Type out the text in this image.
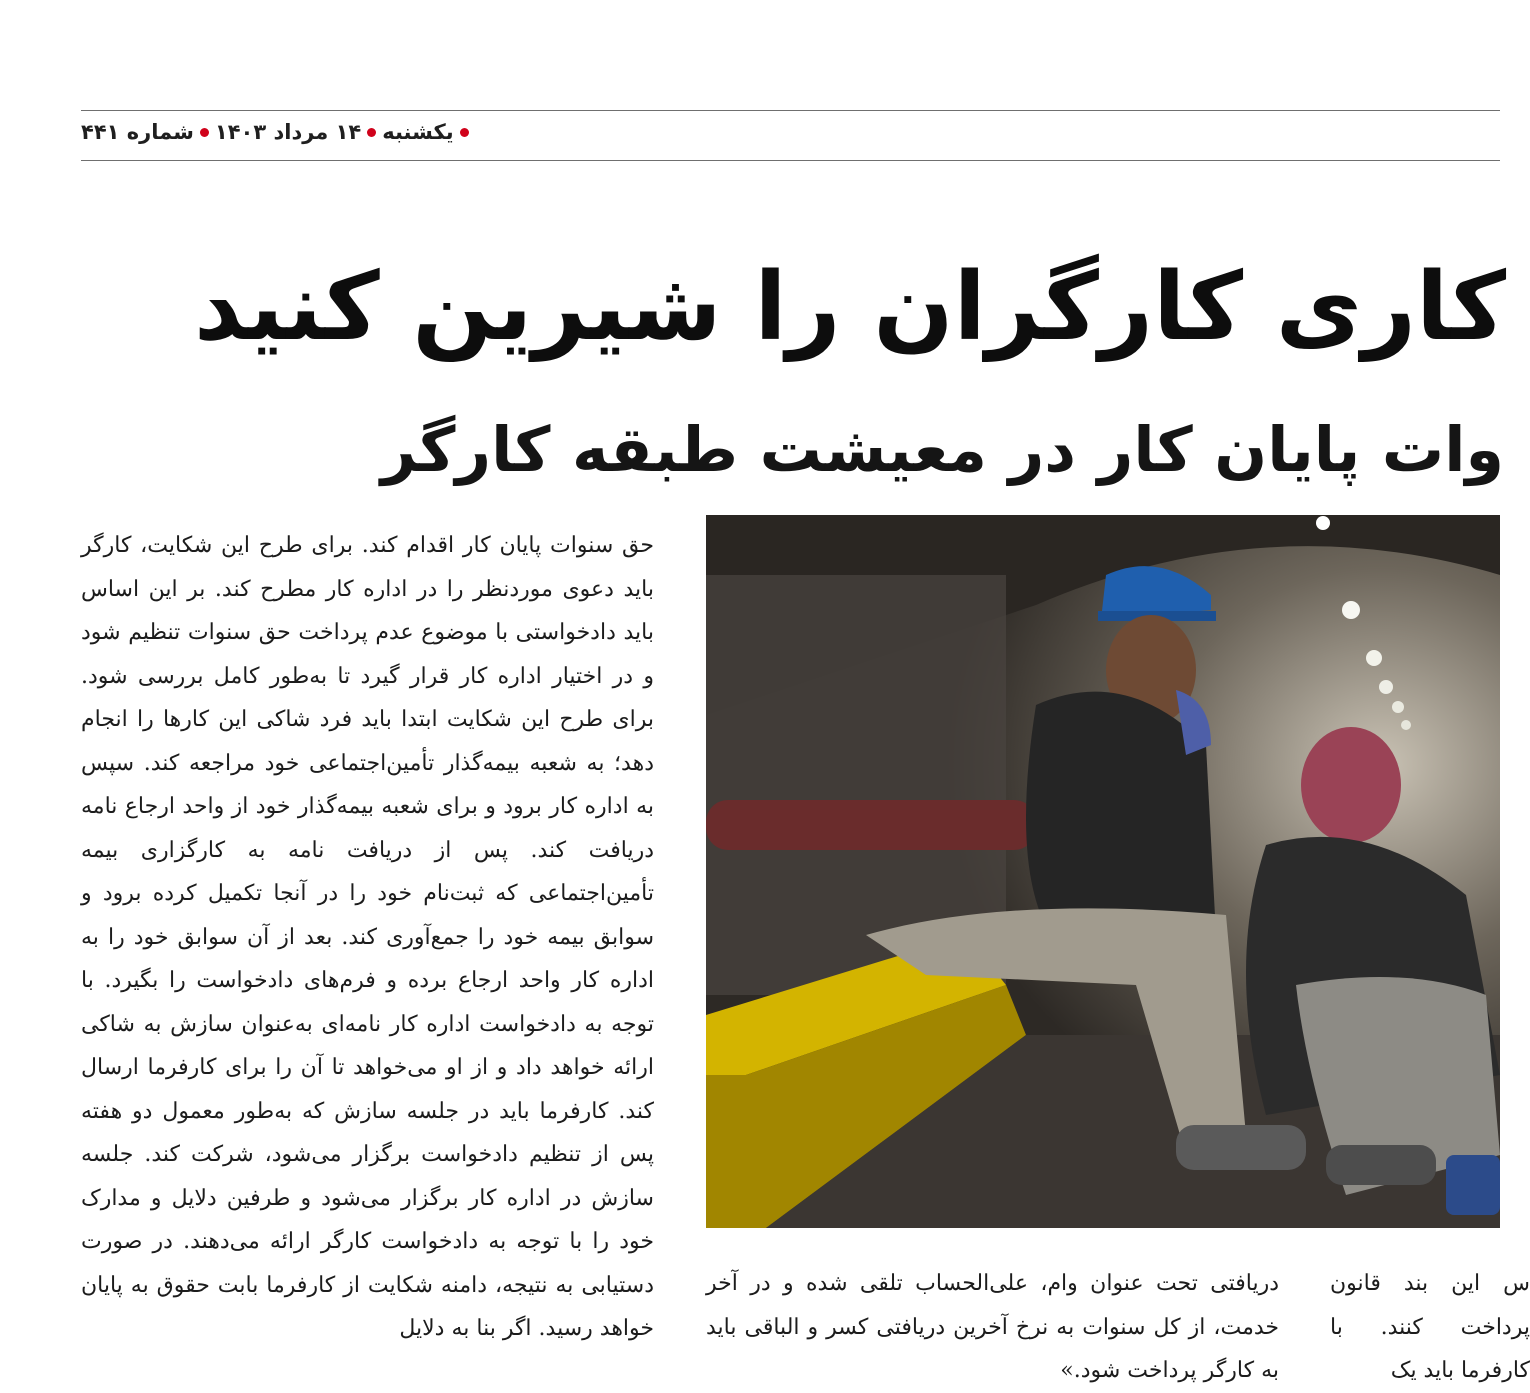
یکشنبه
۱۴ مرداد ۱۴۰۳
شماره ۴۴۱
کاری کارگران را شیرین کنید
وات پایان کار در معیشت طبقه کارگر
حق سنوات پایان کار اقدام کند. برای طرح این شکایت، کارگر باید دعوی موردنظر را در اداره کار مطرح کند. بر این اساس باید دادخواستی با موضوع عدم پرداخت حق سنوات تنظیم شود و در اختیار اداره کار قرار گیرد تا به‌طور کامل بررسی شود. برای طرح این شکایت ابتدا باید فرد شاکی این کارها را انجام دهد؛ به شعبه بیمه‌گذار تأمین‌اجتماعی خود مراجعه کند. سپس به اداره کار برود و برای شعبه بیمه‌گذار خود از واحد ارجاع نامه دریافت کند. پس از دریافت نامه به کارگزاری بیمه تأمین‌اجتماعی که ثبت‌نام خود را در آنجا تکمیل کرده برود و سوابق بیمه خود را جمع‌آوری کند. بعد از آن سوابق خود را به اداره کار واحد ارجاع برده و فرم‌های دادخواست را بگیرد. با توجه به دادخواست اداره کار نامه‌ای به‌عنوان سازش به شاکی ارائه خواهد داد و از او می‌خواهد تا آن را برای کارفرما ارسال کند. کارفرما باید در جلسه سازش که به‌طور معمول دو هفته پس از تنظیم دادخواست برگزار می‌شود، شرکت کند. جلسه سازش در اداره کار برگزار می‌شود و طرفین دلایل و مدارک خود را با توجه به دادخواست کارگر ارائه می‌دهند. در صورت دستیابی به نتیجه، دامنه شکایت از کارفرما بابت حقوق به پایان خواهد رسید. اگر بنا به دلایل
دریافتی تحت عنوان وام، علی‌الحساب تلقی شده و در آخر خدمت، از کل سنوات به نرخ آخرین دریافتی کسر و الباقی باید به کارگر پرداخت شود.»
س این بند قانون پرداخت کنند. با کارفرما باید یک
